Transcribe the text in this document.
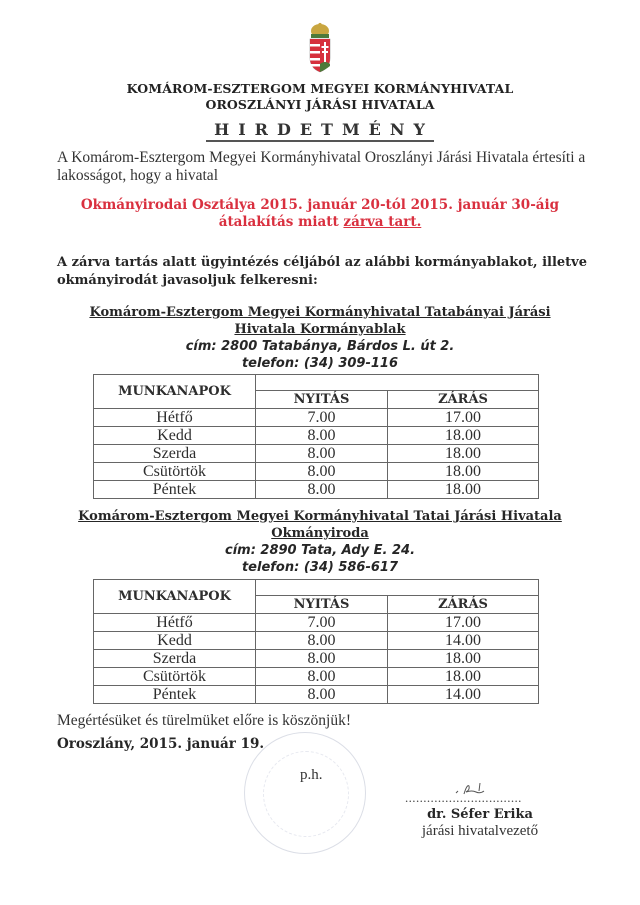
KOMÁROM-ESZTERGOM MEGYEI KORMÁNYHIVATAL
OROSZLÁNYI JÁRÁSI HIVATALA
HIRDETMÉNY
A Komárom-Esztergom Megyei Kormányhivatal Oroszlányi Járási Hivatala értesíti a lakosságot, hogy a hivatal
Okmányirodai Osztálya 2015. január 20-tól 2015. január 30-áig
átalakítás miatt zárva tart.
A zárva tartás alatt ügyintézés céljából az alábbi kormányablakot, illetve okmányirodát javasoljuk felkeresni:
Komárom-Esztergom Megyei Kormányhivatal Tatabányai Járási
Hivatala Kormányablak
cím: 2800 Tatabánya, Bárdos L. út 2.
telefon: (34) 309-116
MUNKANAPOK		
	NYITÁS	ZÁRÁS
Hétfő	7.00	17.00
Kedd	8.00	18.00
Szerda	8.00	18.00
Csütörtök	8.00	18.00
Péntek	8.00	18.00
Komárom-Esztergom Megyei Kormányhivatal Tatai Járási Hivatala
Okmányiroda
cím: 2890 Tata, Ady E. 24.
telefon: (34) 586-617
MUNKANAPOK		
	NYITÁS	ZÁRÁS
Hétfő	7.00	17.00
Kedd	8.00	14.00
Szerda	8.00	18.00
Csütörtök	8.00	18.00
Péntek	8.00	14.00
Megértésüket és türelmüket előre is köszönjük!
Oroszlány, 2015. január 19.
p.h.
................................
dr. Séfer Erika
járási hivatalvezető
